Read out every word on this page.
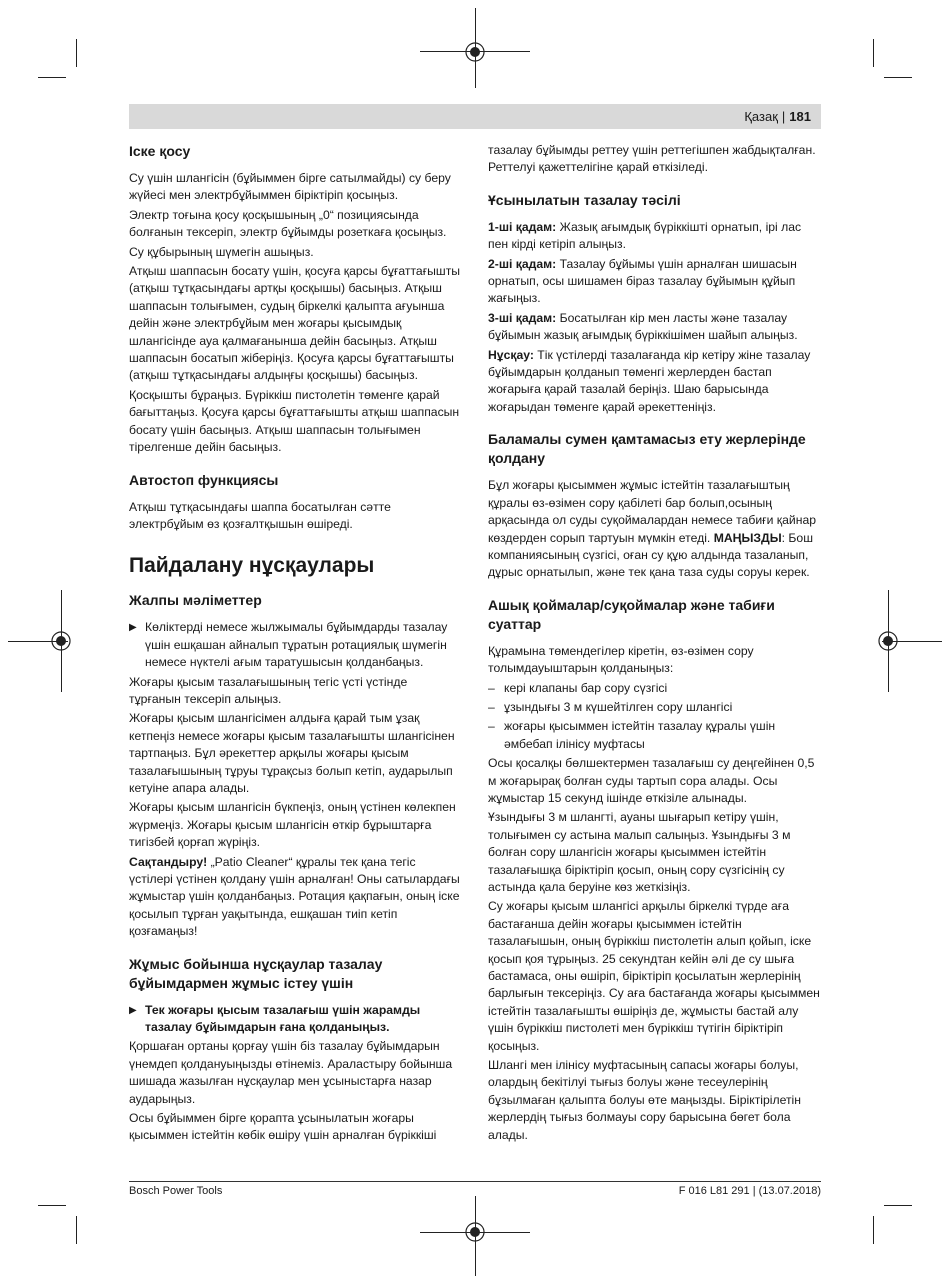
Қазақ | 181
Іске қосу

Су үшін шлангісін (бұйыммен бірге сатылмайды) су беру жүйесі мен электрбұйыммен біріктіріп қосыңыз.

Электр тоғына қосу қосқышының „0“ позициясында болғанын тексеріп, электр бұйымды розеткаға қосыңыз.

Су құбырының шүмегін ашыңыз.

Атқыш шаппасын босату үшін, қосуға қарсы бұғаттағышты (атқыш тұтқасындағы артқы қосқышы) басыңыз. Атқыш шаппасын толығымен, судың біркелкі қалыпта ағуынша дейін және электрбұйым мен жоғары қысымдық шлангісінде ауа қалмағанынша дейін басыңыз. Атқыш шаппасын босатып жіберіңіз. Қосуға қарсы бұғаттағышты (атқыш тұтқасындағы алдыңғы қосқышы) басыңыз.

Қосқышты бұраңыз. Бүріккіш пистолетін төменге қарай бағыттаңыз. Қосуға қарсы бұғаттағышты атқыш шаппасын босату үшін басыңыз. Атқыш шаппасын толығымен тірелгенше дейін басыңыз.

Автостоп функциясы

Атқыш тұтқасындағы шаппа босатылған сәтте электрбұйым өз қозғалтқышын өшіреді.

Пайдалану нұсқаулары
Жалпы мәліметтер
▶ Көліктерді немесе жылжымалы бұйымдарды тазалау үшін ешқашан айналып тұратын ротациялық шүмегін немесе нүктелі ағым таратушысын қолданбаңыз.

Жоғары қысым тазалағышының тегіс үсті үстінде тұрғанын тексеріп алыңыз.

Жоғары қысым шлангісімен алдыға қарай тым ұзақ кетпеңіз немесе жоғары қысым тазалағышты шлангісінен тартпаңыз. Бұл әрекеттер арқылы жоғары қысым тазалағышының тұруы тұрақсыз болып кетіп, аударылып кетуіне апара алады.

Жоғары қысым шлангісін бүкпеңіз, оның үстінен көлекпен жүрмеңіз. Жоғары қысым шлангісін өткір бұрыштарға тигізбей қорғап жүріңіз.

Сақтандыру! „Patio Cleaner“ құралы тек қана тегіс үстілері үстінен қолдану үшін арналған! Оны сатылардағы жұмыстар үшін қолданбаңыз. Ротация қақпағын, оның іске қосылып тұрған уақытында, ешқашан тиіп кетіп қозғамаңыз!

Жұмыс бойынша нұсқаулар тазалау бұйымдармен жұмыс істеу үшін
▶ Тек жоғары қысым тазалағыш үшін жарамды тазалау бұйымдарын ғана қолданыңыз.

Қоршаған ортаны қорғау үшін біз тазалау бұйымдарын үнемдеп қолдануыңызды өтінеміз. Араластыру бойынша шишада жазылған нұсқаулар мен ұсыныстарға назар аударыңыз.

Осы бұйыммен бірге қорапта ұсынылатын жоғары қысыммен істейтін көбік өшіру үшін арналған бүріккіші

тазалау бұйымды реттеу үшін реттегішпен жабдықталған. Реттелуі қажеттелігіне қарай өткізіледі.

Ұсынылатын тазалау тәсілі

1-ші қадам: Жазық ағымдық бүріккішті орнатып, ірі лас пен кірді кетіріп алыңыз.

2-ші қадам: Тазалау бұйымы үшін арналған шишасын орнатып, осы шишамен біраз тазалау бұйымын құйып жағыңыз.

3-ші қадам: Босатылған кір мен ласты және тазалау бұйымын жазық ағымдық бүріккішімен шайып алыңыз.

Нұсқау: Тік үстілерді тазалағанда кір кетіру жіне тазалау бұйымдарын қолданып төменгі жерлерден бастап жоғарыға қарай тазалай беріңіз. Шаю барысында жоғарыдан төменге қарай әрекеттеніңіз.

Баламалы сумен қамтамасыз ету жерлерінде қолдану

Бұл жоғары қысыммен жұмыс істейтін тазалағыштың құралы өз-өзімен сору қабілеті бар болып,осының арқасында ол суды суқоймалардан немесе табиғи қайнар көздерден сорып тартуын мүмкін етеді. МАҢЫЗДЫ: Бош компаниясының сүзгісі, оған су құю алдында тазаланып, дұрыс орнатылып, және тек қана таза суды соруы керек.

Ашық қоймалар/суқоймалар және табиғи суаттар

Құрамына төмендегілер кіретін, өз-өзімен сору толымдауыштарын қолданыңыз:

– кері клапаны бар сору сүзгісі
– ұзындығы 3 м күшейтілген сору шлангісі
– жоғары қысыммен істейтін тазалау құралы үшін әмбебап ілінісу муфтасы

Осы қосалқы бөлшектермен тазалағыш су деңгейінен 0,5 м жоғарырақ болған суды тартып сора алады. Осы жұмыстар 15 секунд ішінде өткізіле алынады.

Ұзындығы 3 м шлангті, ауаны шығарып кетіру үшін, толығымен су астына малып салыңыз. Ұзындығы 3 м болған сору шлангісін жоғары қысыммен істейтін тазалағышқа біріктіріп қосып, оның сору сүзгісінің су астында қала беруіне көз жеткізіңіз.

Су жоғары қысым шлангісі арқылы біркелкі түрде аға бастағанша дейін жоғары қысыммен істейтін тазалағышын, оның бүріккіш пистолетін алып қойып, іске қосып қоя тұрыңыз. 25 секундтан кейін әлі де су шыға бастамаса, оны өшіріп, біріктіріп қосылатын жерлерінің барлығын тексеріңіз. Су аға бастағанда жоғары қысыммен істейтін тазалағышты өшіріңіз де, жұмысты бастай алу үшін бүріккіш пистолеті мен бүріккіш түтігін біріктіріп қосыңыз.

Шлангі мен ілінісу муфтасының сапасы жоғары болуы, олардың бекітілуі тығыз болуы және тесеулерінің бұзылмаған қалыпта болуы өте маңызды. Біріктірілетін жерлердің тығыз болмауы сору барысына бөгет бола алады.

Bosch Power Tools	F 016 L81 291 | (13.07.2018)
